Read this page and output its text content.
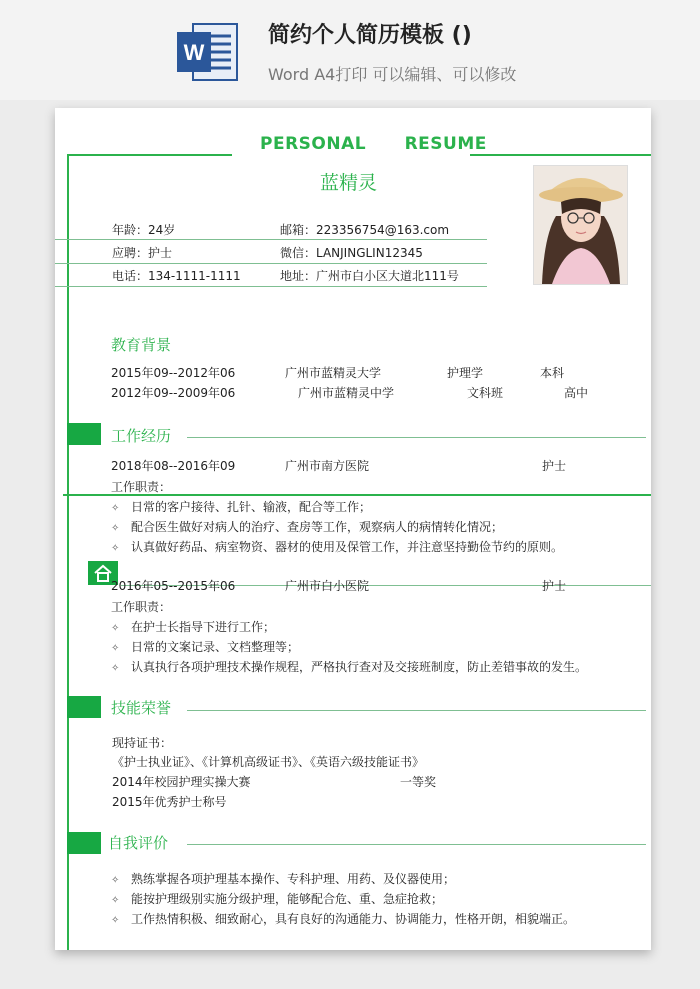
W
简约个人简历模板 ()
Word A4打印 可以编辑、可以修改
PERSONAL RESUME
蓝精灵
年龄：24岁	邮箱：223356754@163.com
应聘：护士	微信：LANJINGLIN12345
电话：134-1111-1111	地址：广州市白小区大道北111号
教育背景
2015年09--2012年06	广州市蓝精灵大学	护理学	本科
2012年09--2009年06	广州市蓝精灵中学	文科班	高中
工作经历
2018年08--2016年09	广州市南方医院	护士
工作职责：
✧ 日常的客户接待、扎针、输液，配合等工作；
✧ 配合医生做好对病人的治疗、查房等工作，观察病人的病情转化情况；
✧ 认真做好药品、病室物资、器材的使用及保管工作，并注意坚持勤俭节约的原则。
2016年05--2015年06	广州市白小医院	护士
工作职责：
✧ 在护士长指导下进行工作；
✧ 日常的文案记录、文档整理等；
✧ 认真执行各项护理技术操作规程，严格执行查对及交接班制度，防止差错事故的发生。
技能荣誉
现持证书：
《护士执业证》、《计算机高级证书》、《英语六级技能证书》
2014年校园护理实操大赛	一等奖
2015年优秀护士称号
自我评价
✧ 熟练掌握各项护理基本操作、专科护理、用药、及仪器使用；
✧ 能按护理级别实施分级护理，能够配合危、重、急症抢救；
✧ 工作热情积极、细致耐心，具有良好的沟通能力、协调能力，性格开朗，相貌端正。
